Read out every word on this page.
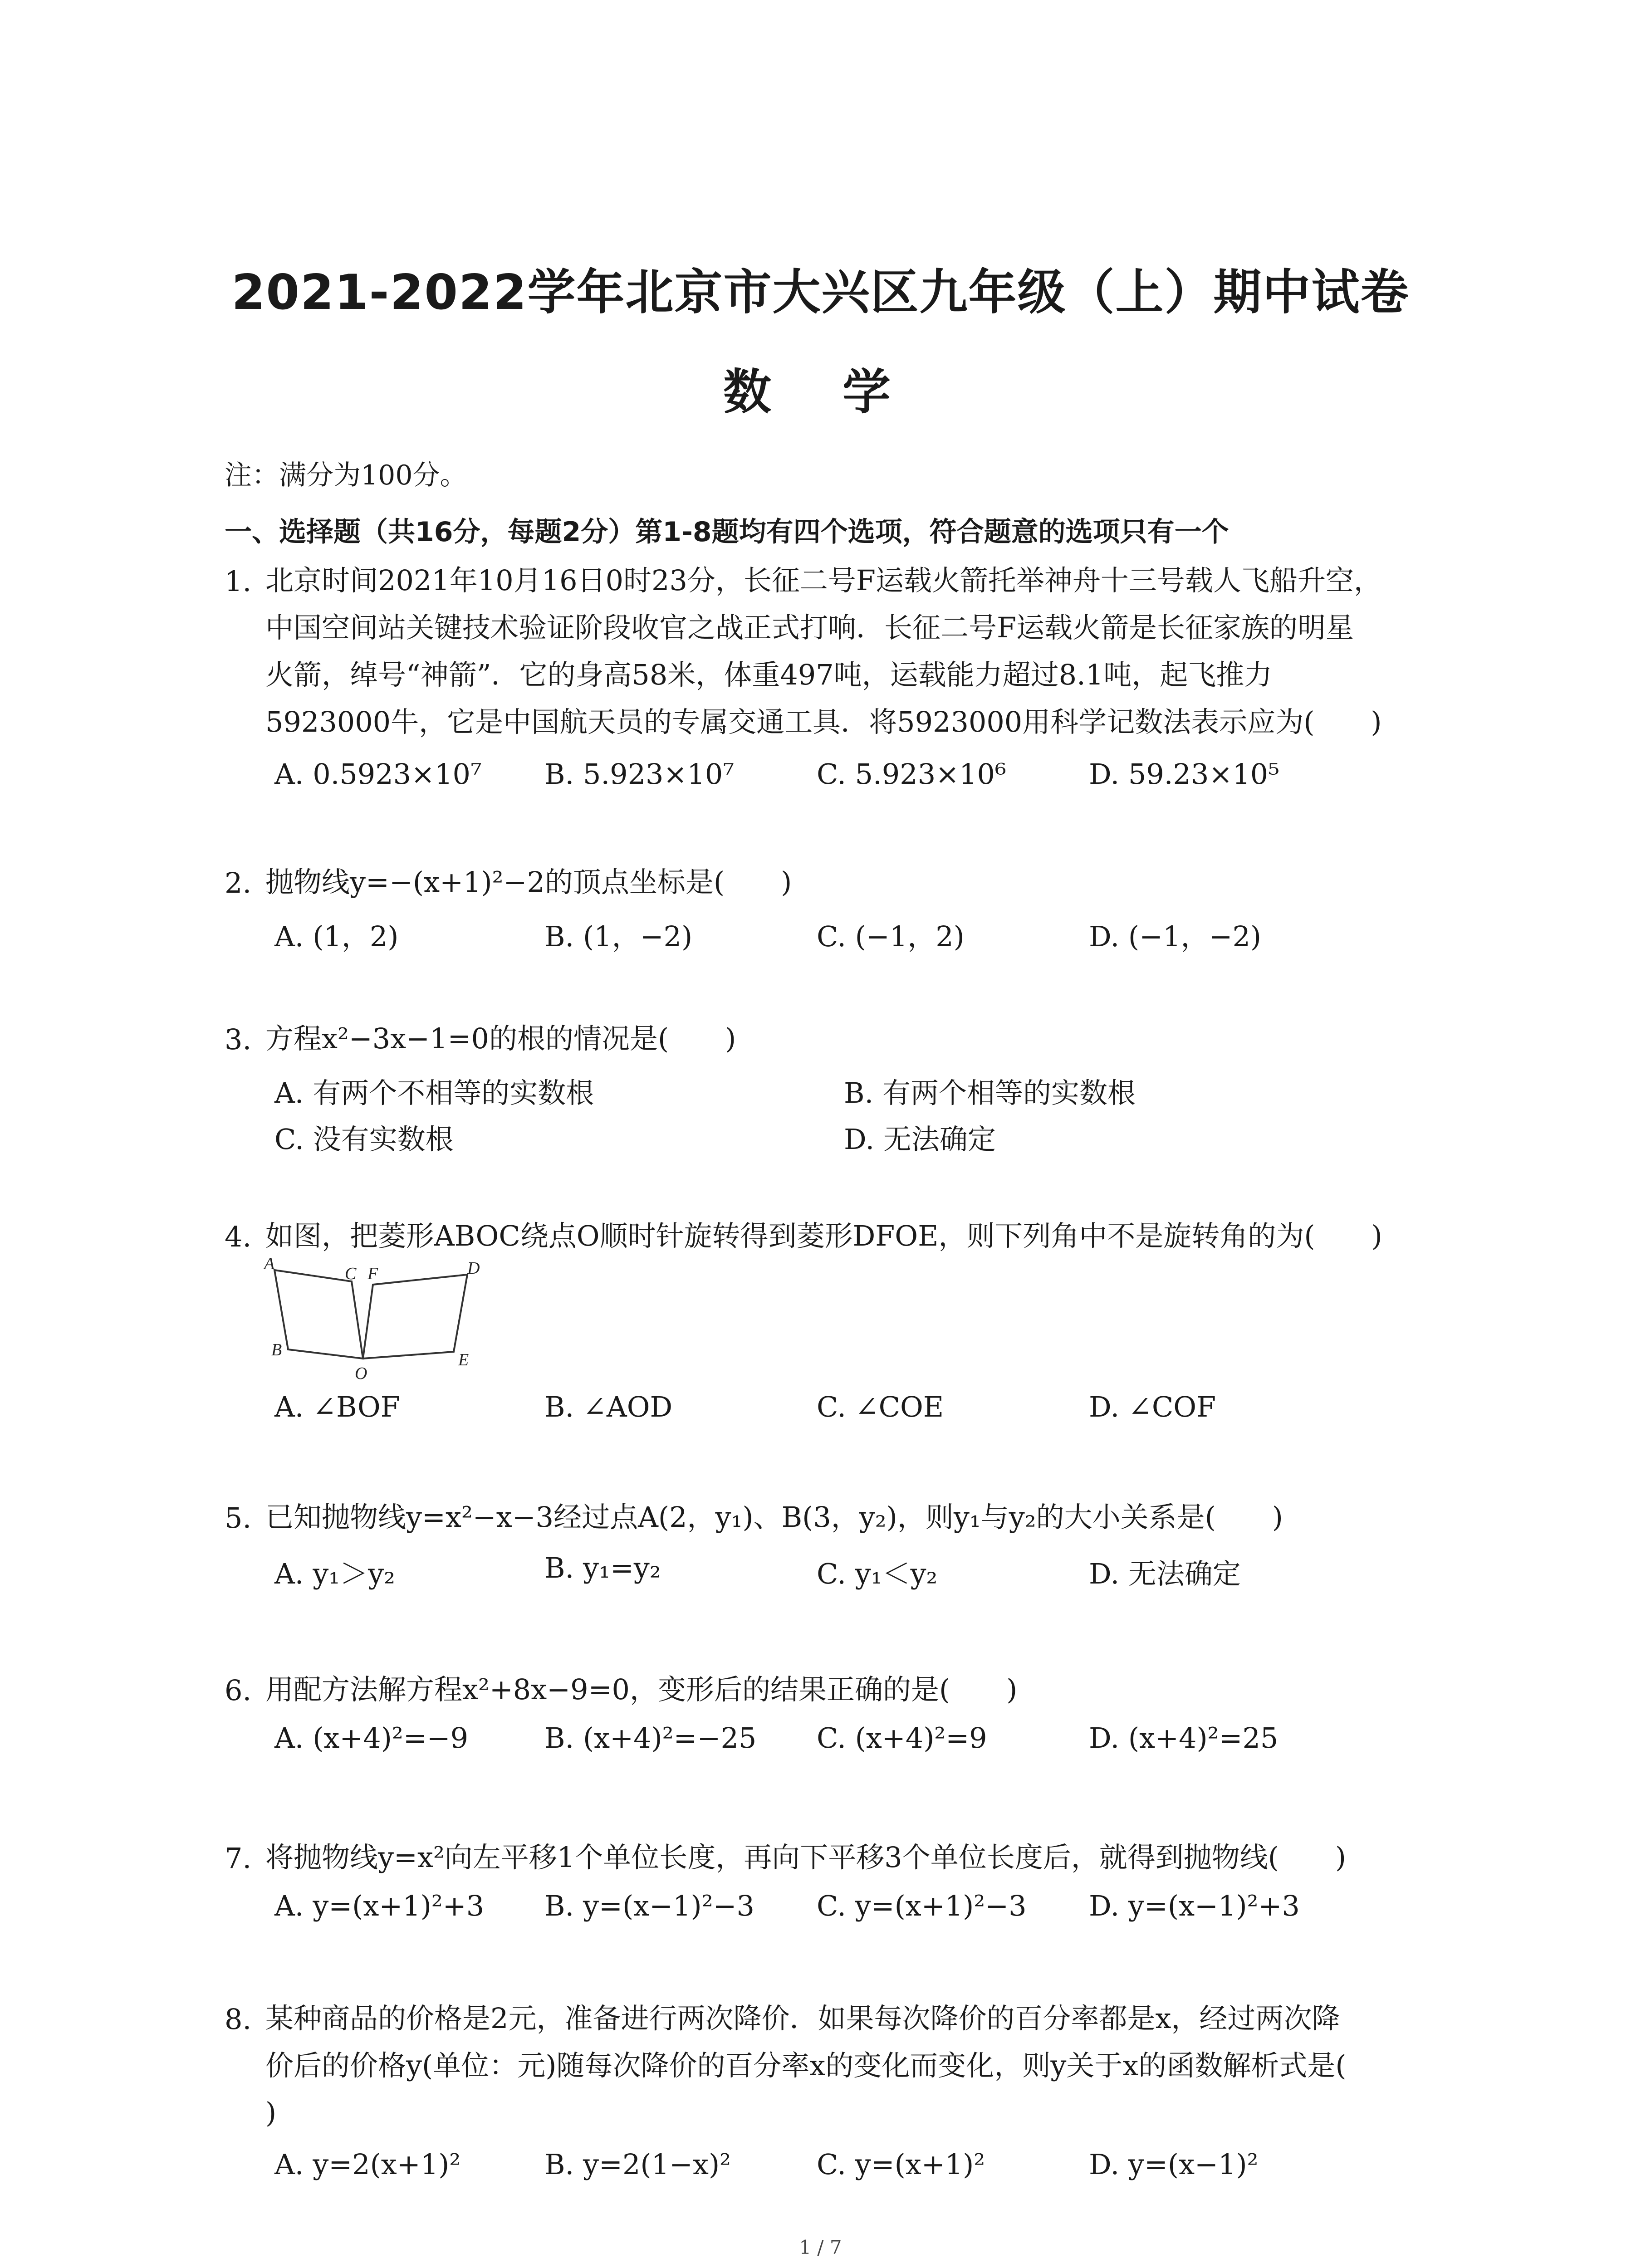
2021-2022学年北京市大兴区九年级（上）期中试卷
数 学
注：满分为100分。
一、选择题（共16分，每题2分）第1-8题均有四个选项，符合题意的选项只有一个
1. 北京时间2021年10月16日0时23分，长征二号F运载火箭托举神舟十三号载人飞船升空，
中国空间站关键技术验证阶段收官之战正式打响．长征二号F运载火箭是长征家族的明星
火箭，绰号“神箭”．它的身高58米，体重497吨，运载能力超过8.1吨，起飞推力
5923000牛，它是中国航天员的专属交通工具．将5923000用科学记数法表示应为(　　)
A. 0.5923×10⁷ B. 5.923×10⁷	C. 5.923×10⁶	D. 59.23×10⁵
2. 抛物线y=−(x+1)²−2的顶点坐标是(　　)
A. (1，2)	B. (1，−2)	C. (−1，2)	D. (−1，−2)
3. 方程x²−3x−1=0的根的情况是(　　)
A. 有两个不相等的实数根	B. 有两个相等的实数根
C. 没有实数根	D. 无法确定
4. 如图，把菱形ABOC绕点O顺时针旋转得到菱形DFOE，则下列角中不是旋转角的为(　　)
A
C F	D
B
O
E
A. ∠BOF	B. ∠AOD	C. ∠COE	D. ∠COF
5. 已知抛物线y=x²−x−3经过点A(2，y₁)、B(3，y₂)，则y₁与y₂的大小关系是(　　)
A. y₁＞y₂	B. y₁=y₂	C. y₁＜y₂	D. 无法确定
6. 用配方法解方程x²+8x−9=0，变形后的结果正确的是(　　)
A. (x+4)²=−9	B. (x+4)²=−25 C. (x+4)²=9	D. (x+4)²=25
7. 将抛物线y=x²向左平移1个单位长度，再向下平移3个单位长度后，就得到抛物线(　　)
A. y=(x+1)²+3 B. y=(x−1)²−3 C. y=(x+1)²−3 D. y=(x−1)²+3
8. 某种商品的价格是2元，准备进行两次降价．如果每次降价的百分率都是x，经过两次降
价后的价格y(单位：元)随每次降价的百分率x的变化而变化，则y关于x的函数解析式是(
)
A. y=2(x+1)²	B. y=2(1−x)²	C. y=(x+1)²	D. y=(x−1)²
1 / 7
